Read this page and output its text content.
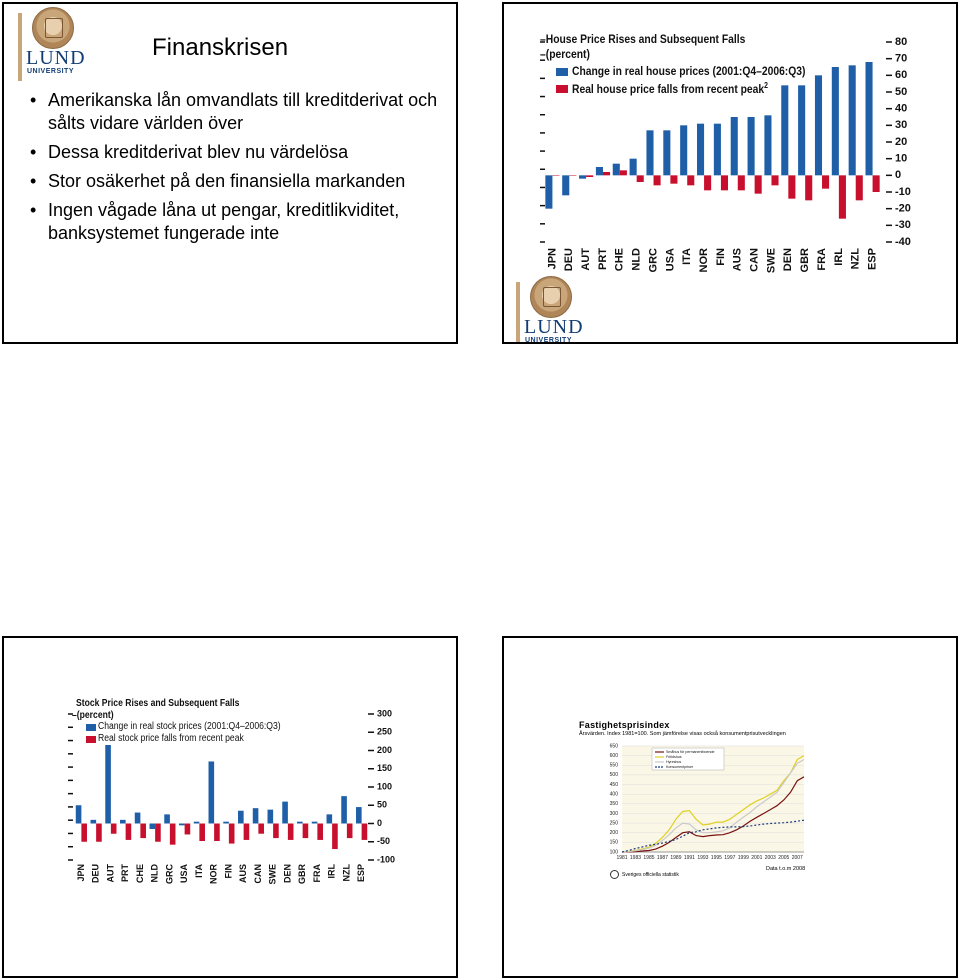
LUND
UNIVERSITY
Finanskrisen
• Amerikanska lån omvandlats till kreditderivat och sålts vidare världen över
• Dessa kreditderivat blev nu värdelösa
• Stor osäkerhet på den finansiella markanden
• Ingen vågade låna ut pengar, kreditlikviditet, banksystemet fungerade inte
–House Price Rises and Subsequent Falls
–(percent)
Change in real house prices (2001:Q4–2006:Q3)
Real house price falls from recent peak$^2$
JPN DEU AUT PRT CHE NLD GRC USA ITA NOR FIN AUS CAN SWE DEN GBR FRA IRL NZL ESP
80
70
60
50
40
30
20
10
0
-10
-20
-30
-40
LUND
UNIVERSITY
Stock Price Rises and Subsequent Falls
–(percent)
Change in real stock prices (2001:Q4–2006:Q3)
Real stock price falls from recent peak
JPN DEU AUT PRT CHE NLD GRC USA ITA NOR FIN AUS CAN SWE DEN GBR FRA IRL NZL ESP
300
250
200
150
100
50
0
-50
-100
Fastighetsprisindex
Årsvärden. Index 1981=100. Som jämförelse visas också konsumentprisutvecklingen
650
600
550
500
450
400
350
300
250
200
150
100
1981 1983 1985 1987 1989 1991 1993 1995 1997 1999 2001 2003 2005 2007
Småhus för permanentboende
Fritidshus
Hyreshus
Konsumentpriser
Sveriges officiella statistik
Data t.o.m 2008
